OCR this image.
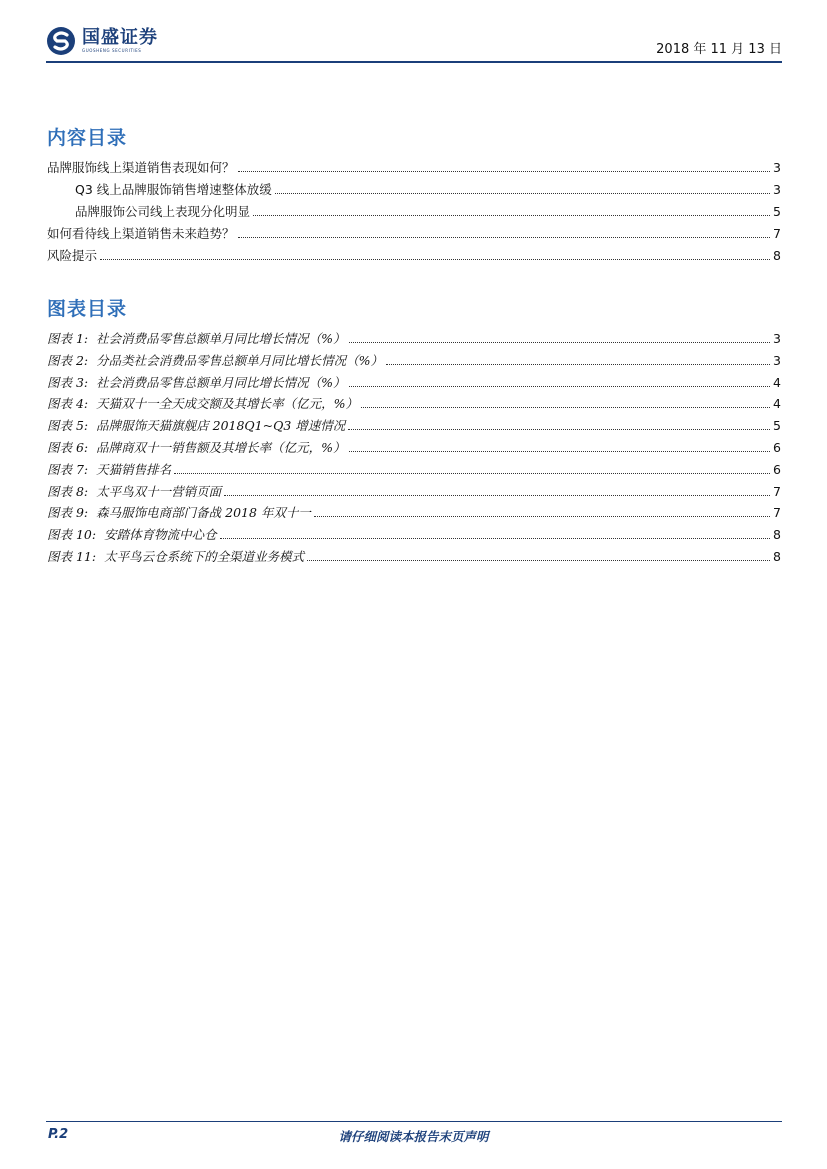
国盛证券
GUOSHENG SECURITIES	2018 年 11 月 13 日
内容目录
品牌服饰线上渠道销售表现如何？	3
Q3 线上品牌服饰销售增速整体放缓	3
品牌服饰公司线上表现分化明显	5
如何看待线上渠道销售未来趋势？	7
风险提示	8
图表目录
图表 1: 社会消费品零售总额单月同比增长情况（%）	3
图表 2: 分品类社会消费品零售总额单月同比增长情况（%）	3
图表 3: 社会消费品零售总额单月同比增长情况（%）	4
图表 4: 天猫双十一全天成交额及其增长率（亿元，%）	4
图表 5: 品牌服饰天猫旗舰店 2018Q1~Q3 增速情况	5
图表 6: 品牌商双十一销售额及其增长率（亿元，%）	6
图表 7: 天猫销售排名	6
图表 8: 太平鸟双十一营销页面	7
图表 9: 森马服饰电商部门备战 2018 年双十一	7
图表 10: 安踏体育物流中心仓	8
图表 11: 太平鸟云仓系统下的全渠道业务模式	8
P.2	请仔细阅读本报告末页声明
